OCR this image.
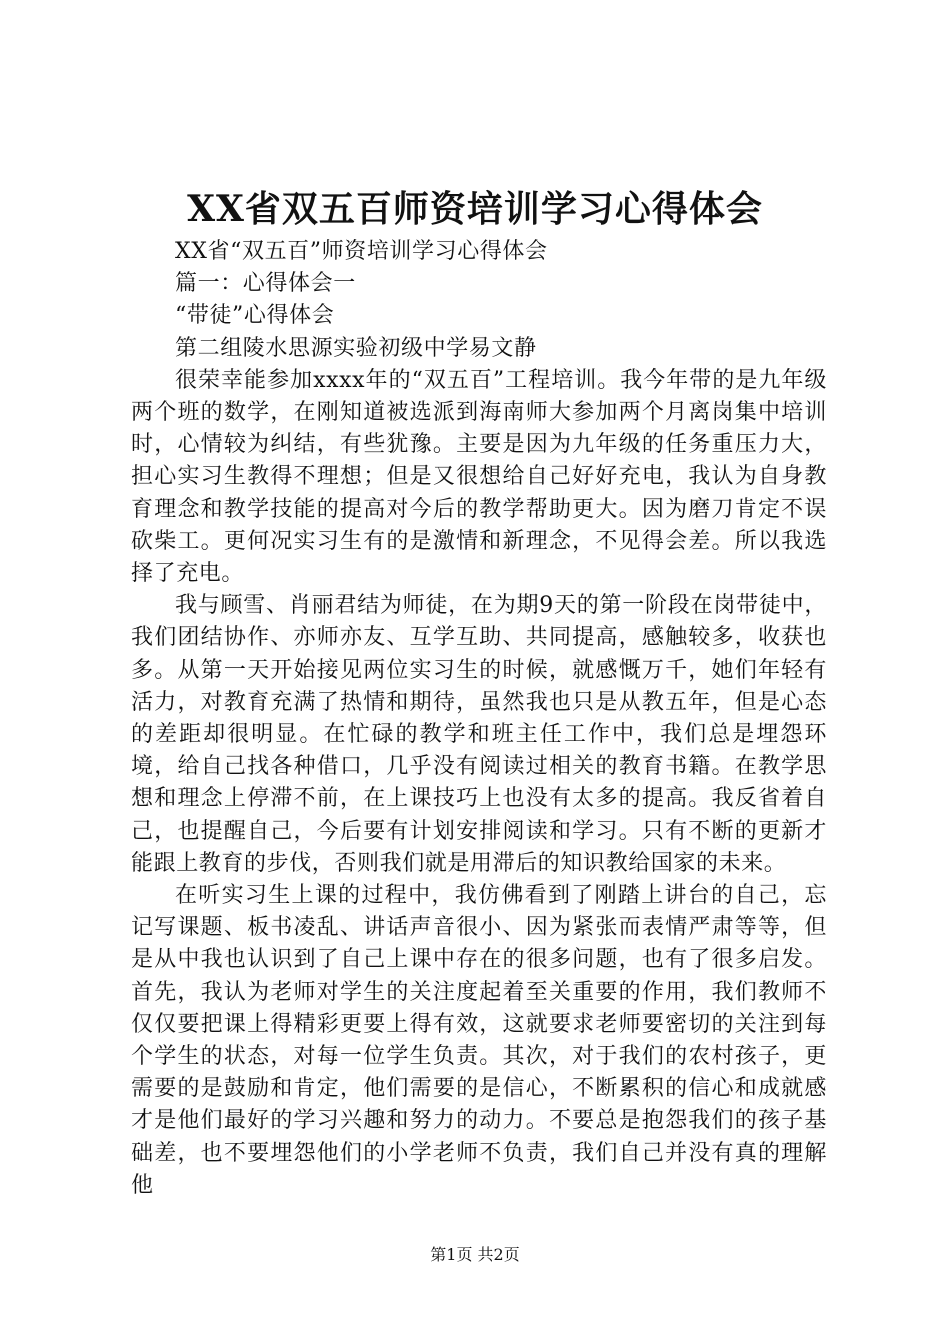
XX省双五百师资培训学习心得体会

XX省“双五百”师资培训学习心得体会

篇一：心得体会一

“带徒”心得体会

第二组陵水思源实验初级中学易文静

很荣幸能参加xxxx年的“双五百”工程培训。我今年带的是九年级两个班的数学，在刚知道被选派到海南师大参加两个月离岗集中培训时，心情较为纠结，有些犹豫。主要是因为九年级的任务重压力大，担心实习生教得不理想；但是又很想给自己好好充电，我认为自身教育理念和教学技能的提高对今后的教学帮助更大。因为磨刀肯定不误砍柴工。更何况实习生有的是激情和新理念，不见得会差。所以我选择了充电。

我与顾雪、肖丽君结为师徒，在为期9天的第一阶段在岗带徒中，我们团结协作、亦师亦友、互学互助、共同提高，感触较多，收获也多。从第一天开始接见两位实习生的时候，就感慨万千，她们年轻有活力，对教育充满了热情和期待，虽然我也只是从教五年，但是心态的差距却很明显。在忙碌的教学和班主任工作中，我们总是埋怨环境，给自己找各种借口，几乎没有阅读过相关的教育书籍。在教学思想和理念上停滞不前，在上课技巧上也没有太多的提高。我反省着自己，也提醒自己，今后要有计划安排阅读和学习。只有不断的更新才能跟上教育的步伐，否则我们就是用滞后的知识教给国家的未来。

在听实习生上课的过程中，我仿佛看到了刚踏上讲台的自己，忘记写课题、板书凌乱、讲话声音很小、因为紧张而表情严肃等等，但是从中我也认识到了自己上课中存在的很多问题，也有了很多启发。首先，我认为老师对学生的关注度起着至关重要的作用，我们教师不仅仅要把课上得精彩更要上得有效，这就要求老师要密切的关注到每个学生的状态，对每一位学生负责。其次，对于我们的农村孩子，更需要的是鼓励和肯定，他们需要的是信心，不断累积的信心和成就感才是他们最好的学习兴趣和努力的动力。不要总是抱怨我们的孩子基础差，也不要埋怨他们的小学老师不负责，我们自己并没有真的理解他

第1页 共2页
